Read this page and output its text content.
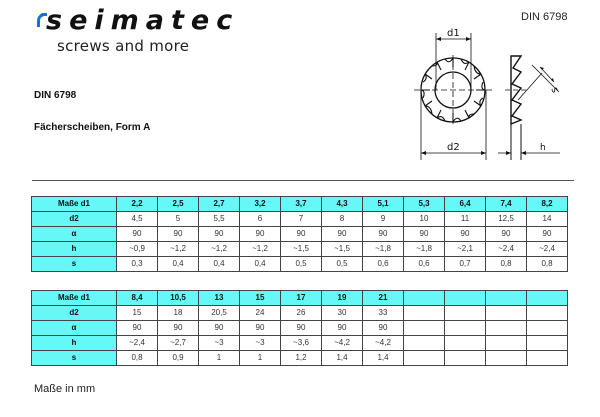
seimatec
screws and more
DIN 6798
DIN 6798
Fächerscheiben, Form A
d1
d2
s
h
Maße d1	2,2	2,5	2,7	3,2	3,7	4,3	5,1	5,3	6,4	7,4	8,2
d2	4,5	5	5,5	6	7	8	9	10	11	12,5	14
α	90	90	90	90	90	90	90	90	90	90	90
h	~0,9	~1,2	~1,2	~1,2	~1,5	~1,5	~1,8	~1,8	~2,1	~2,4	~2,4
s	0,3	0,4	0,4	0,4	0,5	0,5	0,6	0,6	0,7	0,8	0,8
Maße d1	8,4	10,5	13	15	17	19	21				
d2	15	18	20,5	24	26	30	33				
α	90	90	90	90	90	90	90				
h	~2,4	~2,7	~3	~3	~3,6	~4,2	~4,2				
s	0,8	0,9	1	1	1,2	1,4	1,4				
Maße in mm
